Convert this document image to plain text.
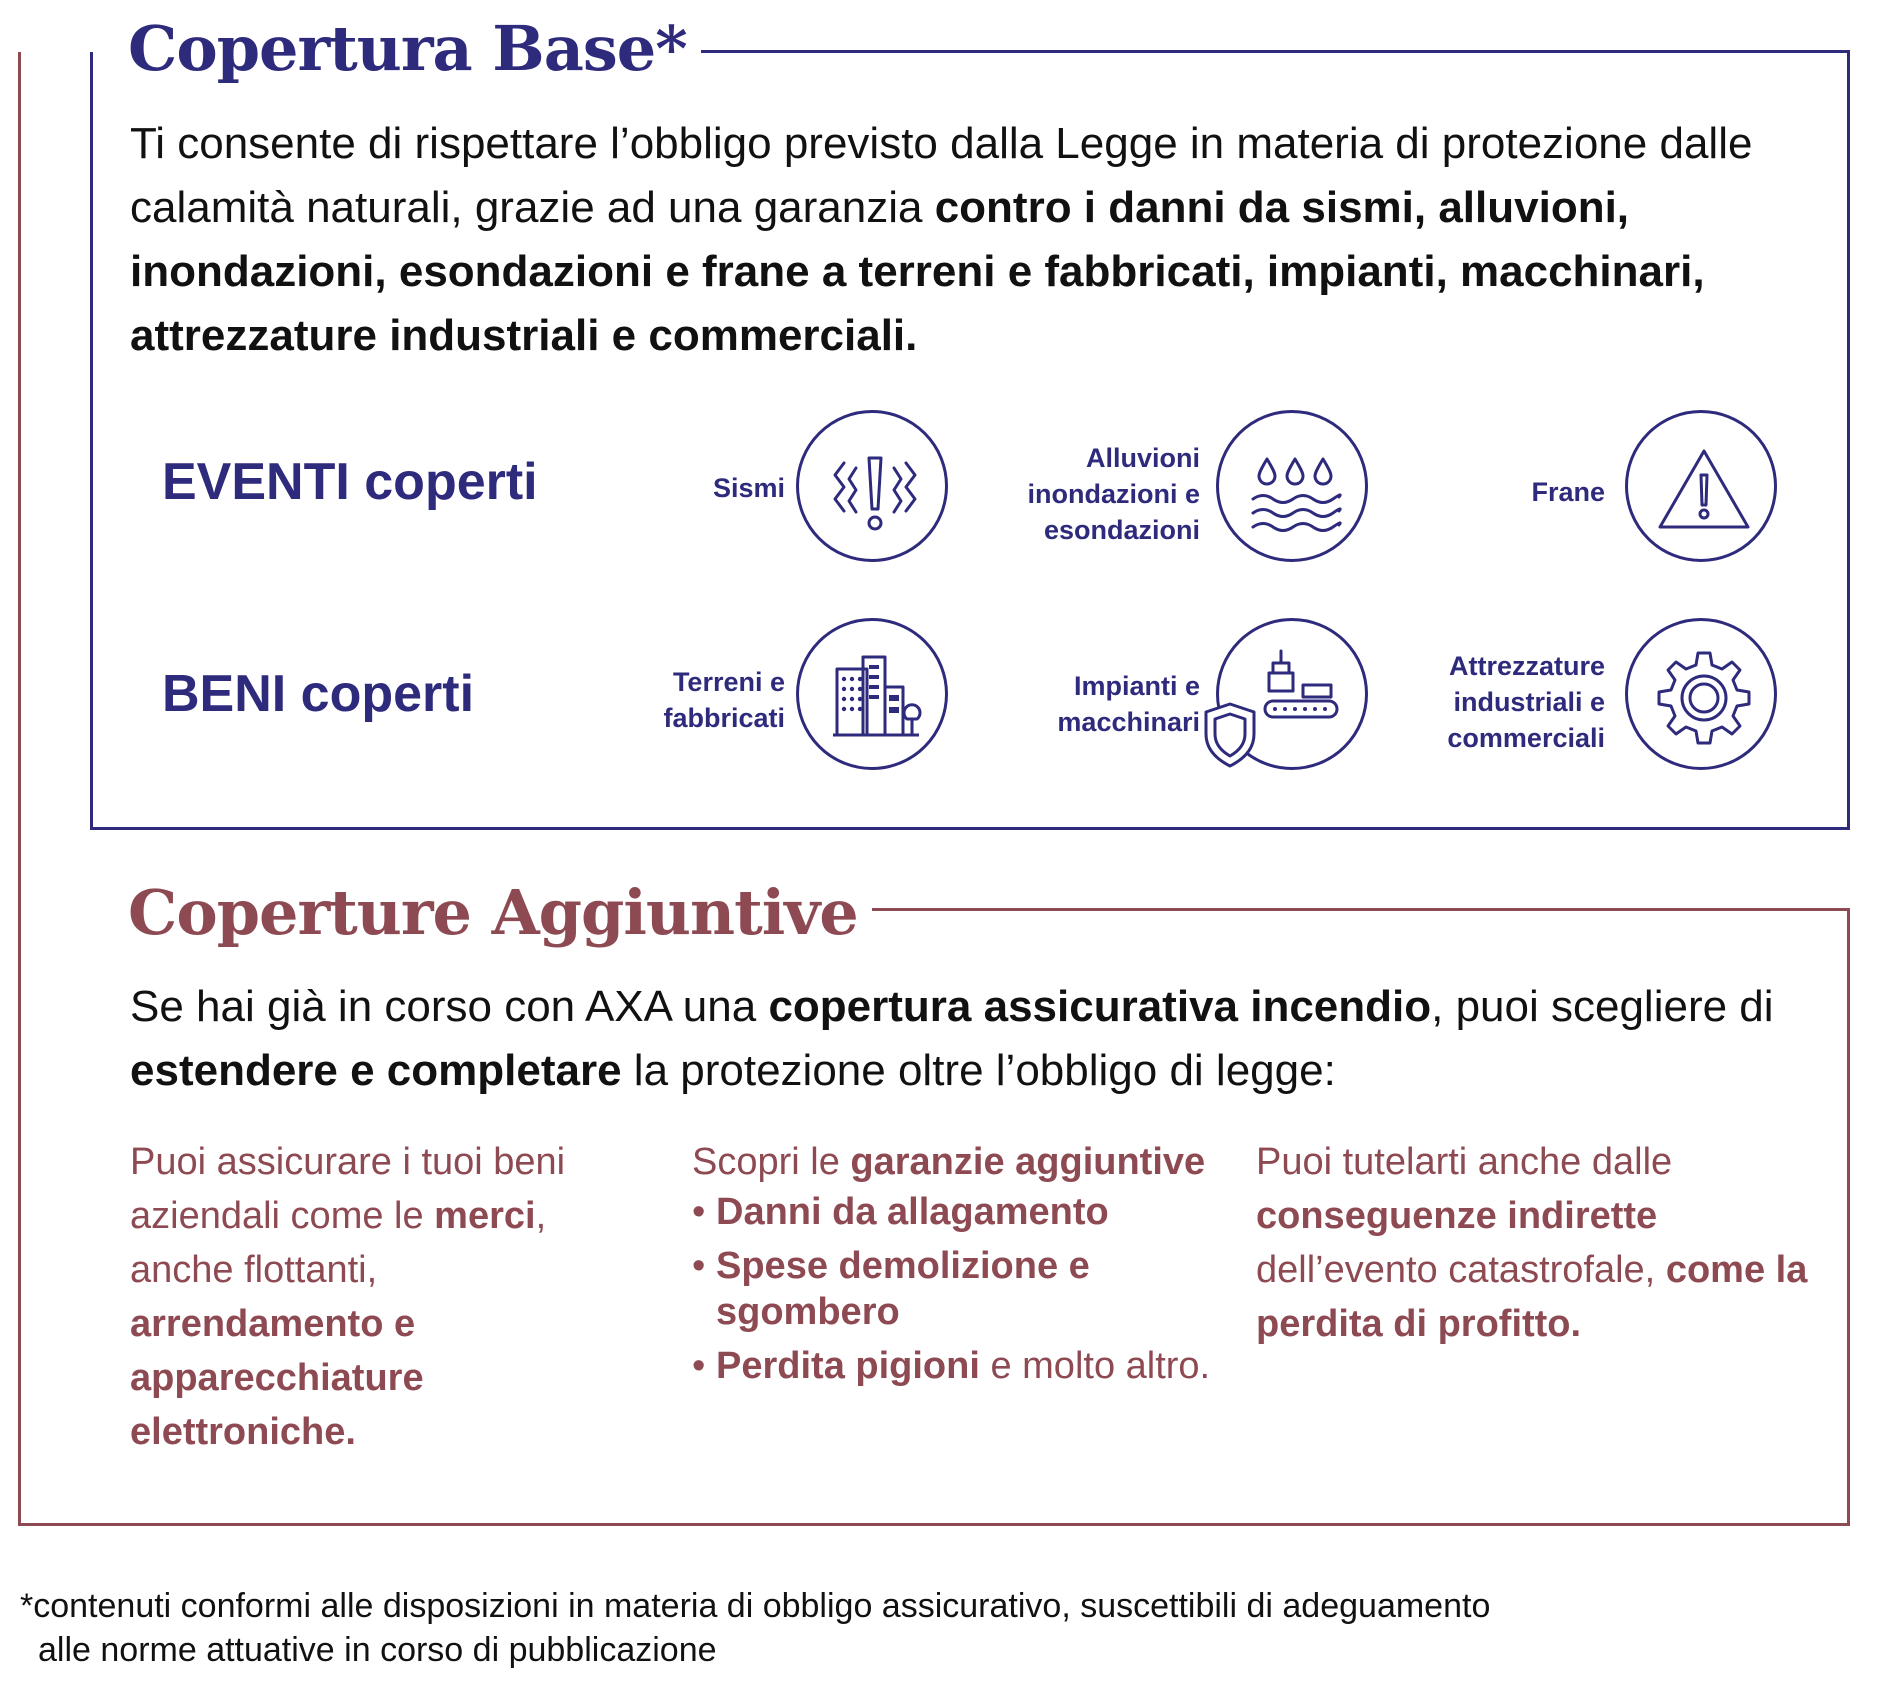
Copertura Base*
Ti consente di rispettare l’obbligo previsto dalla Legge in materia di protezione dalle calamità naturali, grazie ad una garanzia contro i danni da sismi, alluvioni, inondazioni, esondazioni e frane a terreni e fabbricati, impianti, macchinari, attrezzature industriali e commerciali.
EVENTI coperti
BENI coperti
Sismi
Alluvioni
inondazioni e
esondazioni
Frane
Terreni e
fabbricati
Impianti e
macchinari
Attrezzature
industriali e
commerciali
Coperture Aggiuntive
Se hai già in corso con AXA una copertura assicurativa incendio, puoi scegliere di estendere e completare la protezione oltre l’obbligo di legge:
Puoi assicurare i tuoi beni aziendali come le merci, anche flottanti, arrendamento e apparecchiature elettroniche.
Scopri le garanzie aggiuntive
• Danni da allagamento
• Spese demolizione e sgombero
• Perdita pigioni e molto altro.
Puoi tutelarti anche dalle conseguenze indirette dell’evento catastrofale, come la perdita di profitto.
*contenuti conformi alle disposizioni in materia di obbligo assicurativo, suscettibili di adeguamento
alle norme attuative in corso di pubblicazione
